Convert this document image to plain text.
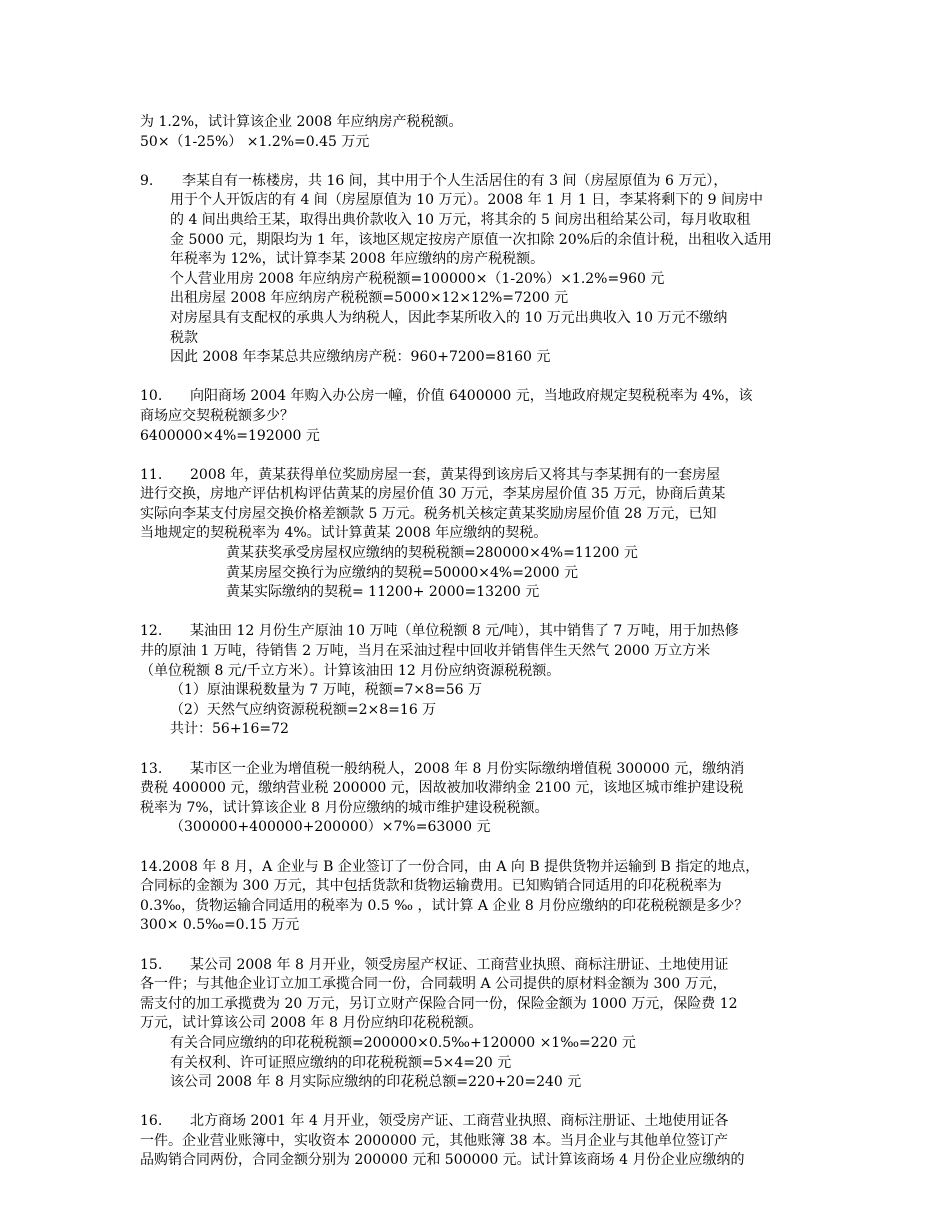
为 1.2%，试计算该企业 2008 年应纳房产税税额。
50×（1-25%） ×1.2%=0.45 万元
9. 李某自有一栋楼房，共 16 间，其中用于个人生活居住的有 3 间（房屋原值为 6 万元），
用于个人开饭店的有 4 间（房屋原值为 10 万元）。2008 年 1 月 1 日，李某将剩下的 9 间房中
的 4 间出典给王某，取得出典价款收入 10 万元，将其余的 5 间房出租给某公司，每月收取租
金 5000 元，期限均为 1 年，该地区规定按房产原值一次扣除 20%后的余值计税，出租收入适用
年税率为 12%，试计算李某 2008 年应缴纳的房产税税额。
个人营业用房 2008 年应纳房产税税额=100000×（1-20%）×1.2%=960 元
出租房屋 2008 年应纳房产税税额=5000×12×12%=7200 元
对房屋具有支配权的承典人为纳税人，因此李某所收入的 10 万元出典收入 10 万元不缴纳
税款
因此 2008 年李某总共应缴纳房产税：960+7200=8160 元
10. 向阳商场 2004 年购入办公房一幢，价值 6400000 元，当地政府规定契税税率为 4%，该
商场应交契税税额多少？
6400000×4%=192000 元
11. 2008 年，黄某获得单位奖励房屋一套，黄某得到该房后又将其与李某拥有的一套房屋
进行交换，房地产评估机构评估黄某的房屋价值 30 万元，李某房屋价值 35 万元，协商后黄某
实际向李某支付房屋交换价格差额款 5 万元。税务机关核定黄某奖励房屋价值 28 万元，已知
当地规定的契税税率为 4%。试计算黄某 2008 年应缴纳的契税。
黄某获奖承受房屋权应缴纳的契税税额=280000×4%=11200 元
黄某房屋交换行为应缴纳的契税=50000×4%=2000 元
黄某实际缴纳的契税= 11200+ 2000=13200 元
12. 某油田 12 月份生产原油 10 万吨（单位税额 8 元/吨），其中销售了 7 万吨，用于加热修
井的原油 1 万吨，待销售 2 万吨，当月在采油过程中回收并销售伴生天然气 2000 万立方米
（单位税额 8 元/千立方米）。计算该油田 12 月份应纳资源税税额。
（1）原油课税数量为 7 万吨，税额=7×8=56 万
（2）天然气应纳资源税税额=2×8=16 万
共计：56+16=72
13. 某市区一企业为增值税一般纳税人，2008 年 8 月份实际缴纳增值税 300000 元，缴纳消
费税 400000 元，缴纳营业税 200000 元，因故被加收滞纳金 2100 元，该地区城市维护建设税
税率为 7%，试计算该企业 8 月份应缴纳的城市维护建设税税额。
（300000+400000+200000）×7%=63000 元
14.2008 年 8 月，A 企业与 B 企业签订了一份合同，由 A 向 B 提供货物并运输到 B 指定的地点，
合同标的金额为 300 万元，其中包括货款和货物运输费用。已知购销合同适用的印花税税率为
0.3‰，货物运输合同适用的税率为 0.5 ‰ ，试计算 A 企业 8 月份应缴纳的印花税税额是多少？
300× 0.5‰=0.15 万元
15. 某公司 2008 年 8 月开业，领受房屋产权证、工商营业执照、商标注册证、土地使用证
各一件；与其他企业订立加工承揽合同一份，合同载明 A 公司提供的原材料金额为 300 万元，
需支付的加工承揽费为 20 万元，另订立财产保险合同一份，保险金额为 1000 万元，保险费 12
万元，试计算该公司 2008 年 8 月份应纳印花税税额。
有关合同应缴纳的印花税税额=200000×0.5‰+120000 ×1‰=220 元
有关权利、许可证照应缴纳的印花税税额=5×4=20 元
该公司 2008 年 8 月实际应缴纳的印花税总额=220+20=240 元
16. 北方商场 2001 年 4 月开业，领受房产证、工商营业执照、商标注册证、土地使用证各
一件。企业营业账簿中，实收资本 2000000 元，其他账簿 38 本。当月企业与其他单位签订产
品购销合同两份，合同金额分别为 200000 元和 500000 元。试计算该商场 4 月份企业应缴纳的
